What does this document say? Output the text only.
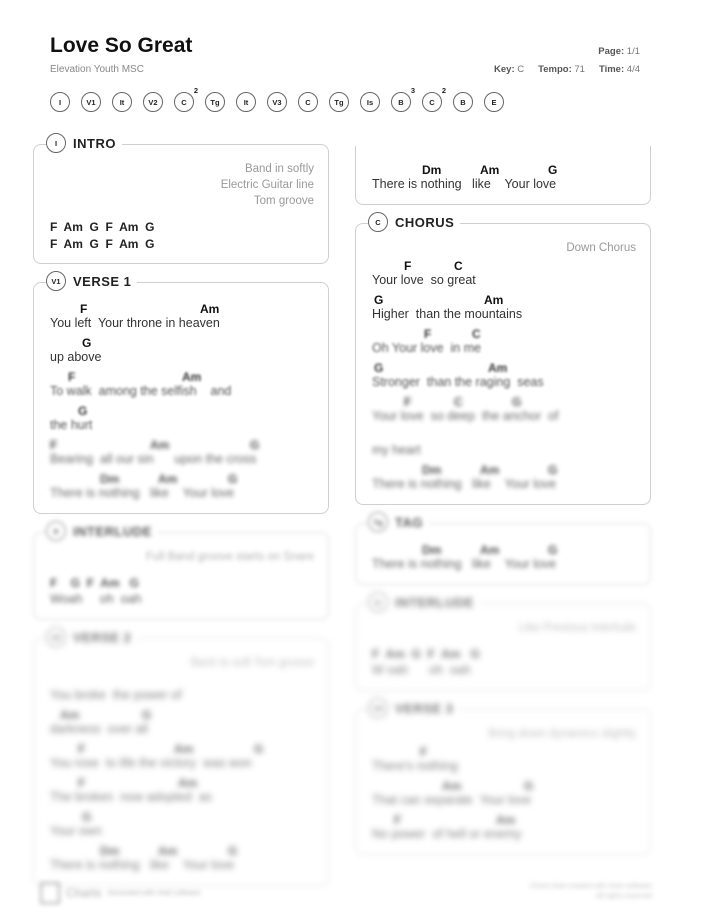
Love So Great
Elevation Youth MSC
Page: 1/1
Key: C Tempo: 71 Time: 4/4
I	V1	It	V2	C
2
Tg	It	V3	C	Tg	Is	B
3
C
2
B	E
I	INTRO
Band in softly
Electric Guitar line
Tom groove
F  Am  G  F  Am  G
F  Am  G  F  Am  G
V1 VERSE 1
F	Am
You left  Your throne in heaven
G
up above
F	Am
To walk  among the selfish    and
G
the hurt
F	Am	G
Bearing  all our sin      upon the cross
Dm	Am	G
There is nothing   like    Your love
It	INTERLUDE
Full Band groove starts on Snare
F    G  F  Am   G
Woah     oh  oah
V2 VERSE 2
Back to soft Tom groove
You broke  the power of
Am	G
darkness  over all
F	Am	G
You rose  to life the victory  was won
F	Am
The broken  now adopted  as
G
Your own
Dm	Am	G
There is nothing   like    Your love
Dm	Am	G
There is nothing   like    Your love
C	CHORUS
Down Chorus
F	C
Your love  so great
G	Am
Higher  than the mountains
F	C
Oh Your love  in me
G	Am
Stronger  than the raging  seas
F	C	G
Your love  so deep  the anchor  of
my heart
Dm	Am	G
There is nothing   like    Your love
Tg TAG
Dm	Am	G
There is nothing   like    Your love
Is	INTERLUDE
Like Previous Interlude
F  Am  G  F  Am   G
W oah      oh  oah
V3 VERSE 3
Bring down dynamics slightly
F
There's nothing
Am	G
That can separate  Your love
F	Am
No power  of hell or enemy
Charts Generated with chart software
Chord chart created with chart software
All rights reserved
